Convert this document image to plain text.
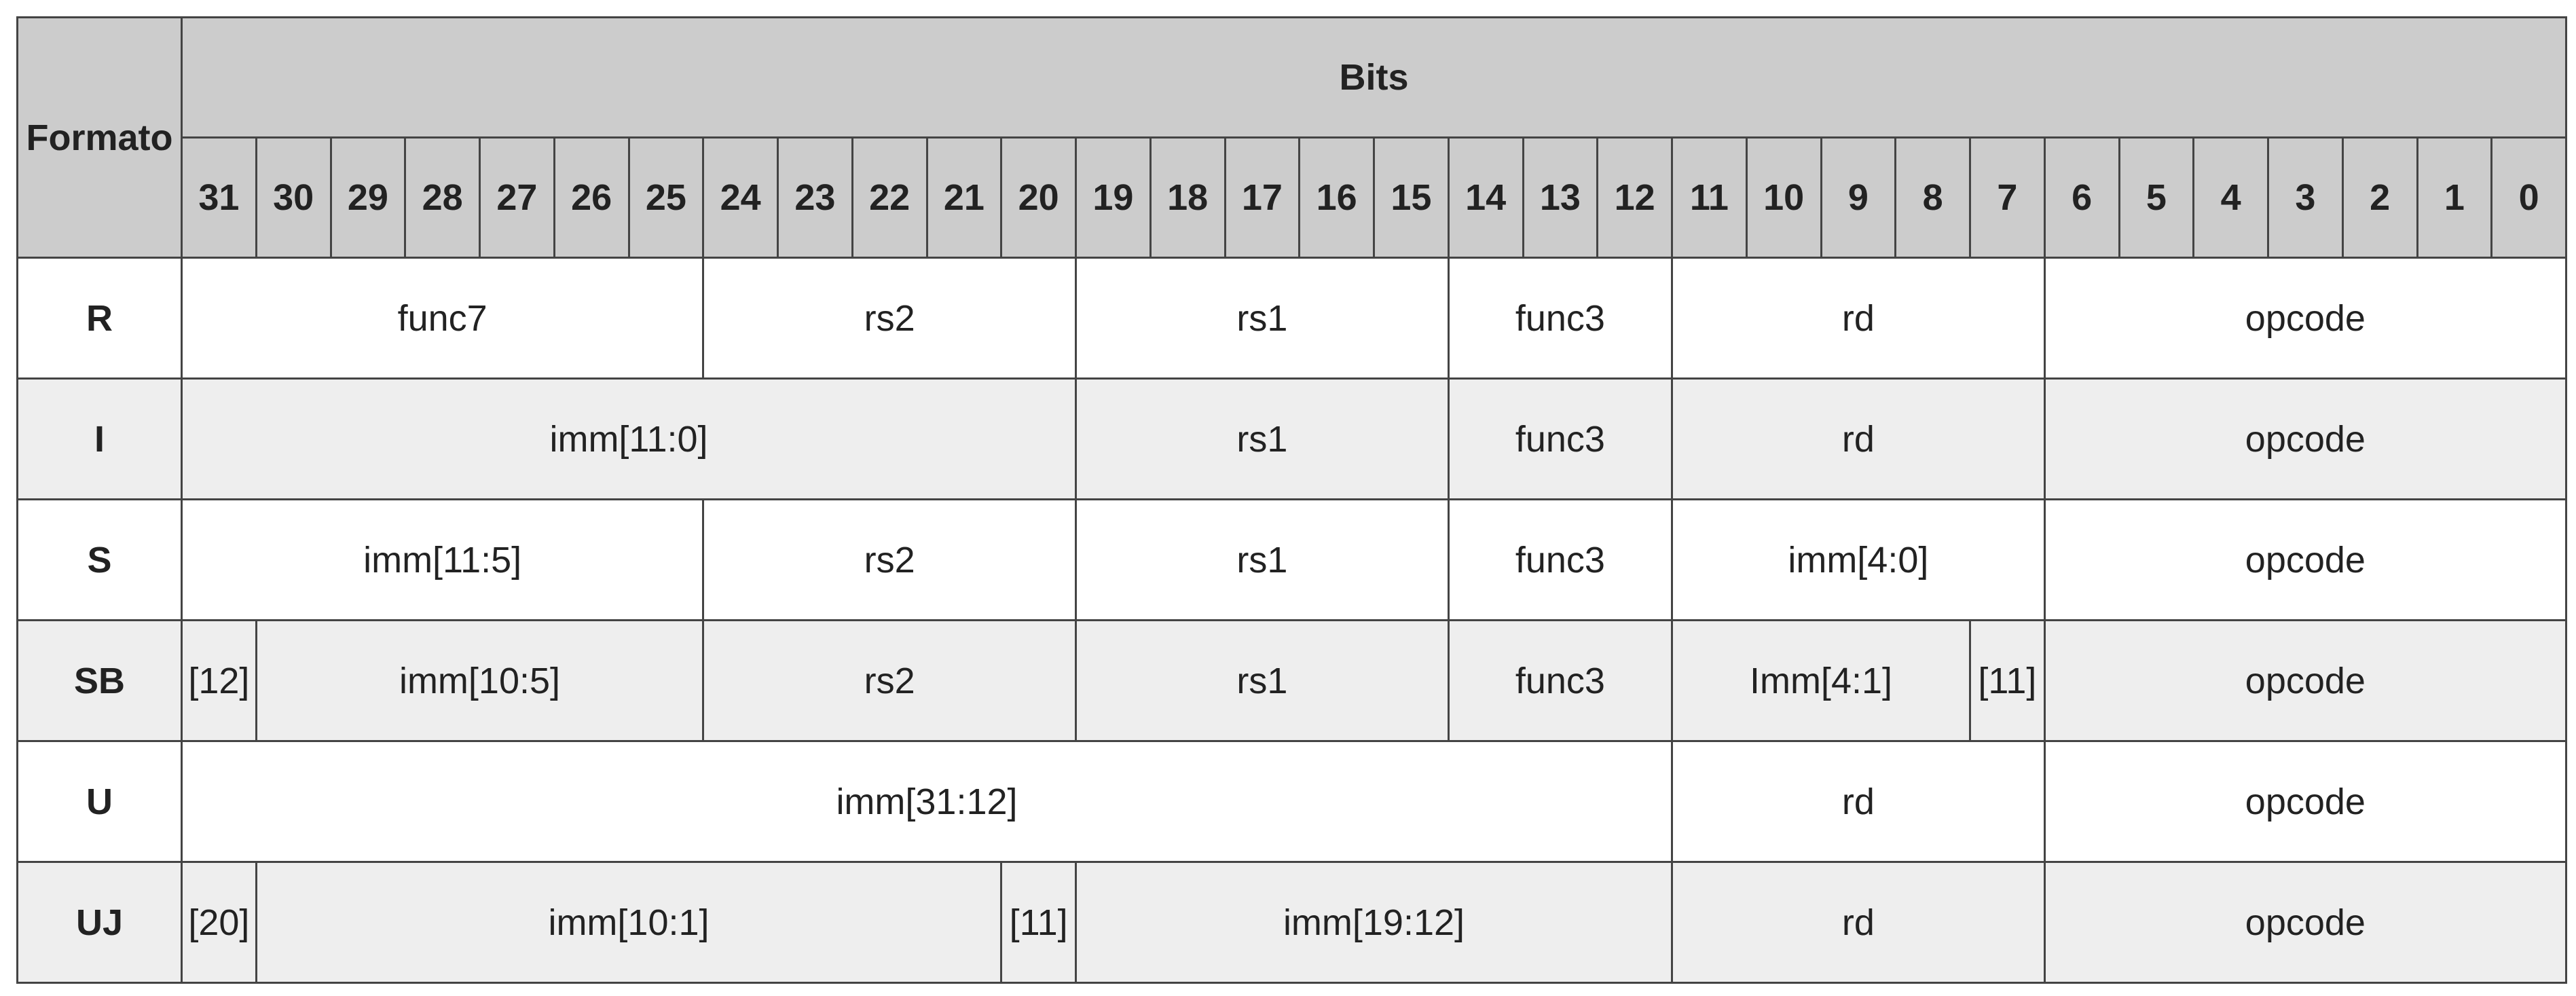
Formato	Bits																															
	31	30	29	28	27	26	25	24	23	22	21	20	19	18	17	16	15	14	13	12	11	10	9	8	7	6	5	4	3	2	1	0
R	func7							rs2					rs1					func3			rd					opcode						
I	imm[11:0]												rs1					func3			rd					opcode						
S	imm[11:5]							rs2					rs1					func3			imm[4:0]					opcode						
SB	[12]	imm[10:5]						rs2					rs1					func3			Imm[4:1]				[11]	opcode						
U	imm[31:12]																				rd					opcode						
UJ	[20]	imm[10:1]										[11]	imm[19:12]								rd					opcode						
